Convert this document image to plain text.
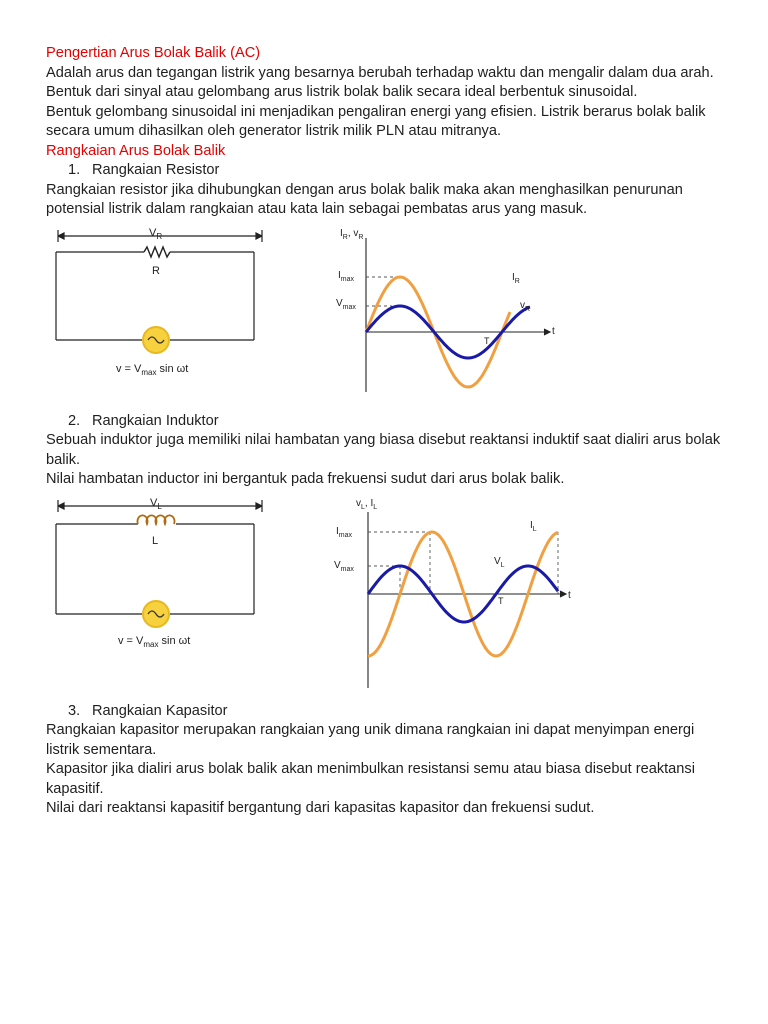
Pengertian Arus Bolak Balik (AC)

Adalah arus dan tegangan listrik yang besarnya berubah terhadap waktu dan mengalir dalam dua arah.

Bentuk dari sinyal atau gelombang arus listrik bolak balik secara ideal berbentuk sinusoidal.

Bentuk gelombang sinusoidal ini menjadikan pengaliran energi yang efisien. Listrik berarus bolak balik secara umum dihasilkan oleh generator listrik milik PLN atau mitranya.

Rangkaian Arus Bolak Balik

1. Rangkaian Resistor

Rangkaian resistor jika dihubungkan dengan arus bolak balik maka akan menghasilkan penurunan potensial listrik dalam rangkaian atau kata lain sebagai pembatas arus yang masuk.

$V_R$
R
$v = V_{max}$ sin ωt
$I_R$, $v_R$
$I_{max}$
$V_{max}$
t
T
$I_R$
$v_R$

2. Rangkaian Induktor

Sebuah induktor juga memiliki nilai hambatan yang biasa disebut reaktansi induktif saat dialiri arus bolak balik.

Nilai hambatan inductor ini bergantuk pada frekuensi sudut dari arus bolak balik.

$V_L$
L
$v = V_{max}$ sin ωt
$v_L$, $I_L$
$I_{max}$
$V_{max}$
t
T
$I_L$
$V_L$

3. Rangkaian Kapasitor

Rangkaian kapasitor merupakan rangkaian yang unik dimana rangkaian ini dapat menyimpan energi listrik sementara.

Kapasitor jika dialiri arus bolak balik akan menimbulkan resistansi semu atau biasa disebut reaktansi kapasitif.

Nilai dari reaktansi kapasitif bergantung dari kapasitas kapasitor dan frekuensi sudut.
